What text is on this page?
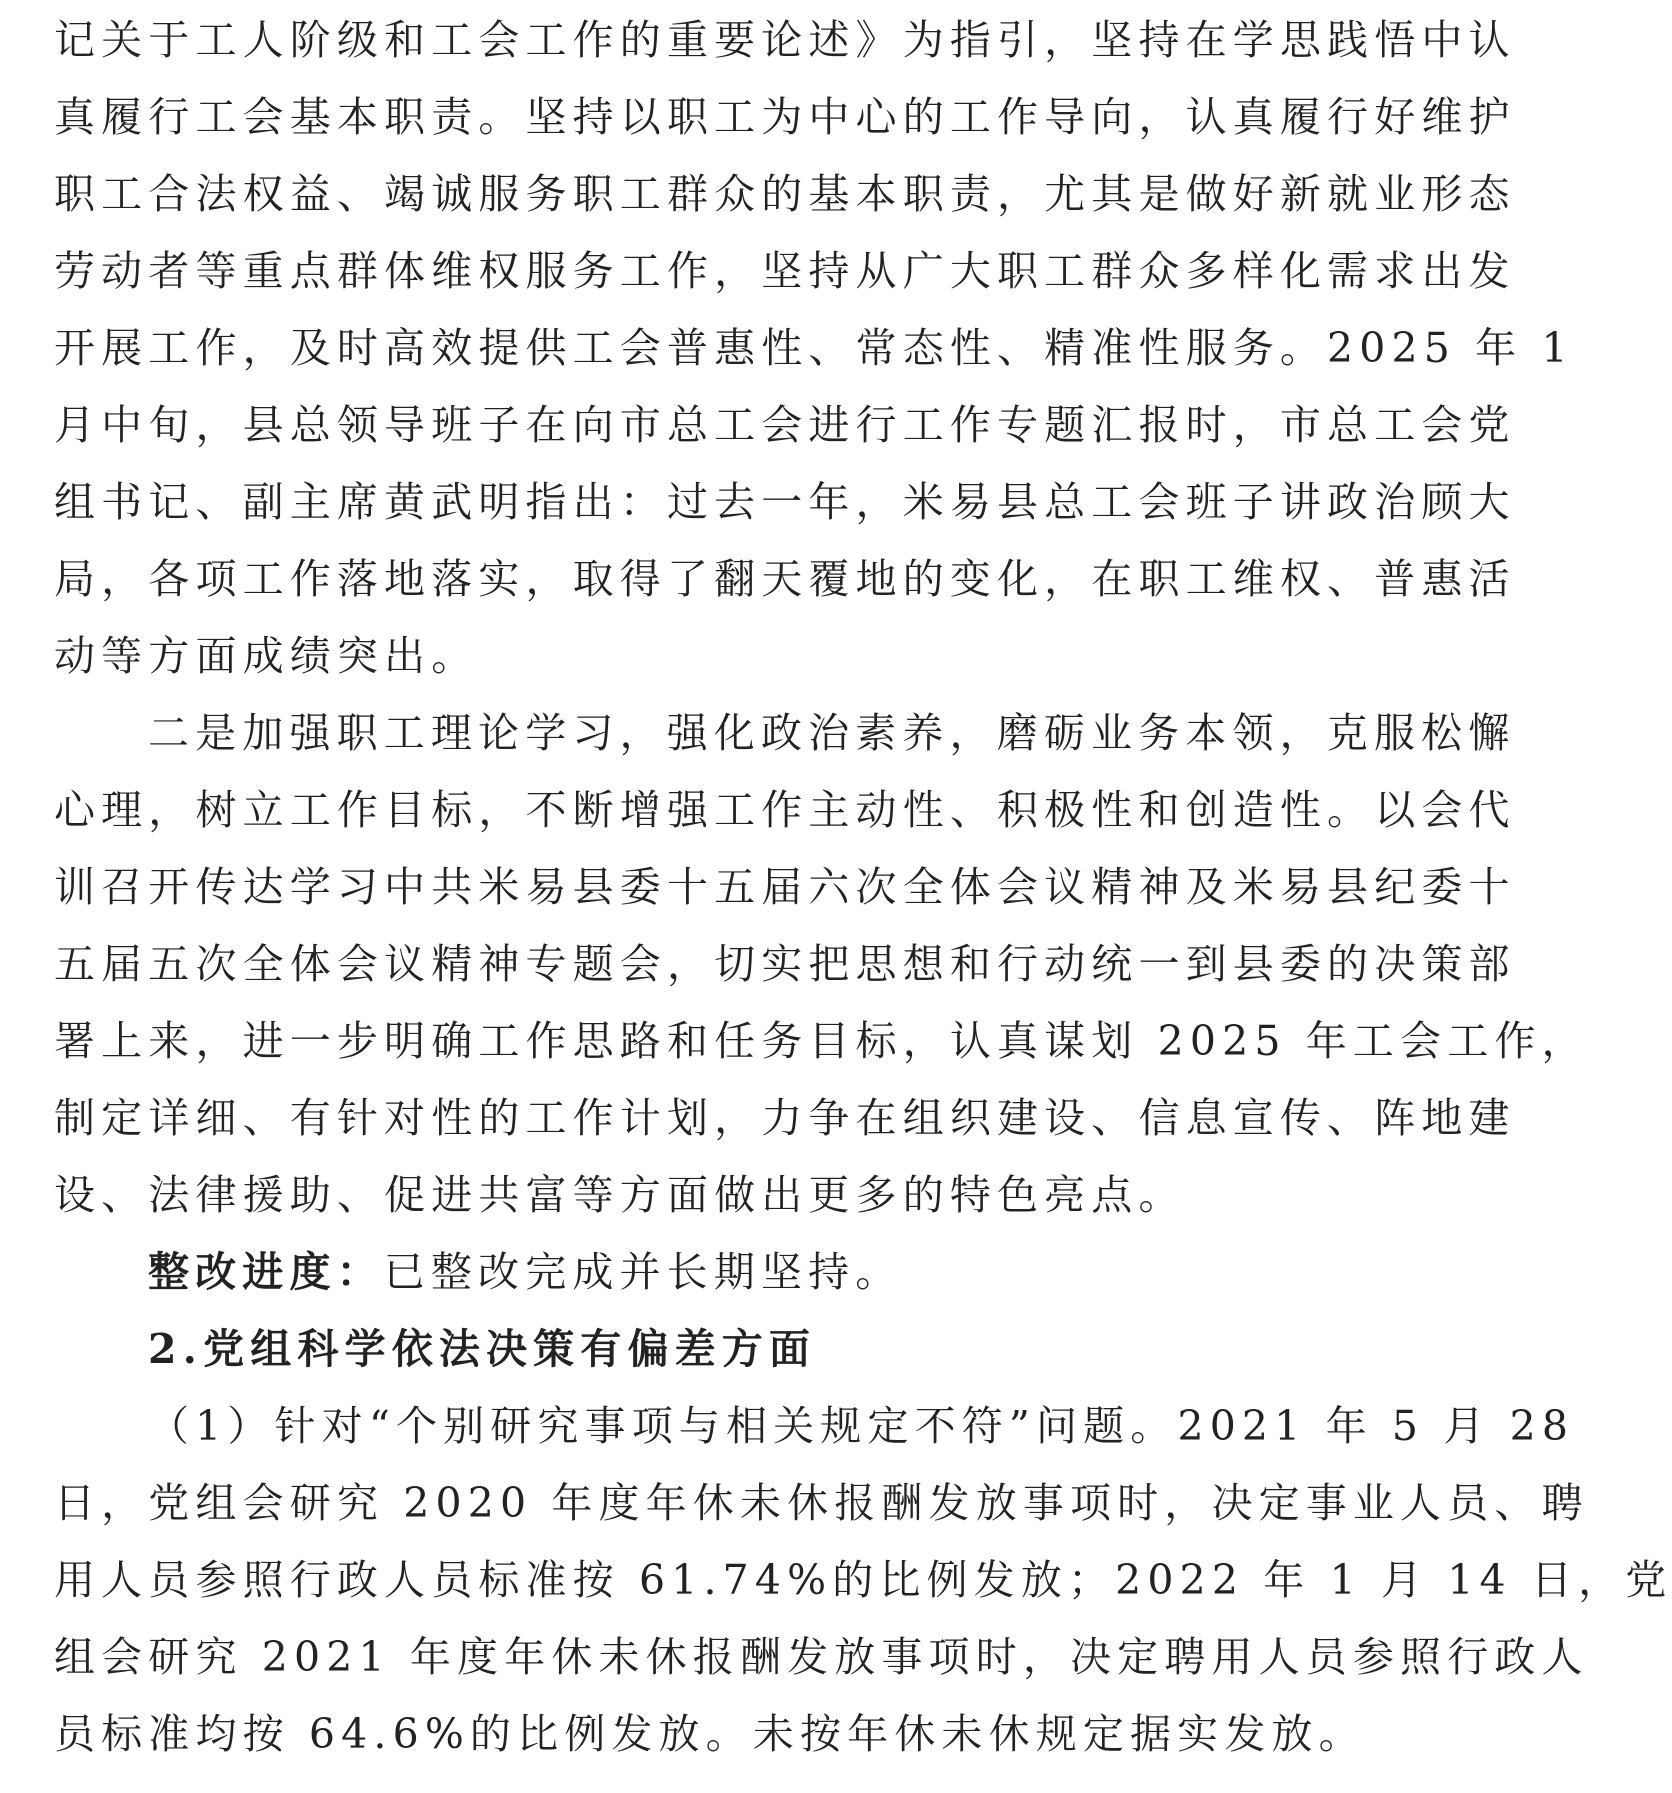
记关于工人阶级和工会工作的重要论述》为指引，坚持在学思践悟中认
真履行工会基本职责。坚持以职工为中心的工作导向，认真履行好维护
职工合法权益、竭诚服务职工群众的基本职责，尤其是做好新就业形态
劳动者等重点群体维权服务工作，坚持从广大职工群众多样化需求出发
开展工作，及时高效提供工会普惠性、常态性、精准性服务。2025 年 1
月中旬，县总领导班子在向市总工会进行工作专题汇报时，市总工会党
组书记、副主席黄武明指出：过去一年，米易县总工会班子讲政治顾大
局，各项工作落地落实，取得了翻天覆地的变化，在职工维权、普惠活
动等方面成绩突出。
二是加强职工理论学习，强化政治素养，磨砺业务本领，克服松懈
心理，树立工作目标，不断增强工作主动性、积极性和创造性。以会代
训召开传达学习中共米易县委十五届六次全体会议精神及米易县纪委十
五届五次全体会议精神专题会，切实把思想和行动统一到县委的决策部
署上来，进一步明确工作思路和任务目标，认真谋划 2025 年工会工作，
制定详细、有针对性的工作计划，力争在组织建设、信息宣传、阵地建
设、法律援助、促进共富等方面做出更多的特色亮点。
整改进度：已整改完成并长期坚持。
2.党组科学依法决策有偏差方面
（1）针对“个别研究事项与相关规定不符”问题。2021 年 5 月 28
日，党组会研究 2020 年度年休未休报酬发放事项时，决定事业人员、聘
用人员参照行政人员标准按 61.74%的比例发放；2022 年 1 月 14 日，党
组会研究 2021 年度年休未休报酬发放事项时，决定聘用人员参照行政人
员标准均按 64.6%的比例发放。未按年休未休规定据实发放。
